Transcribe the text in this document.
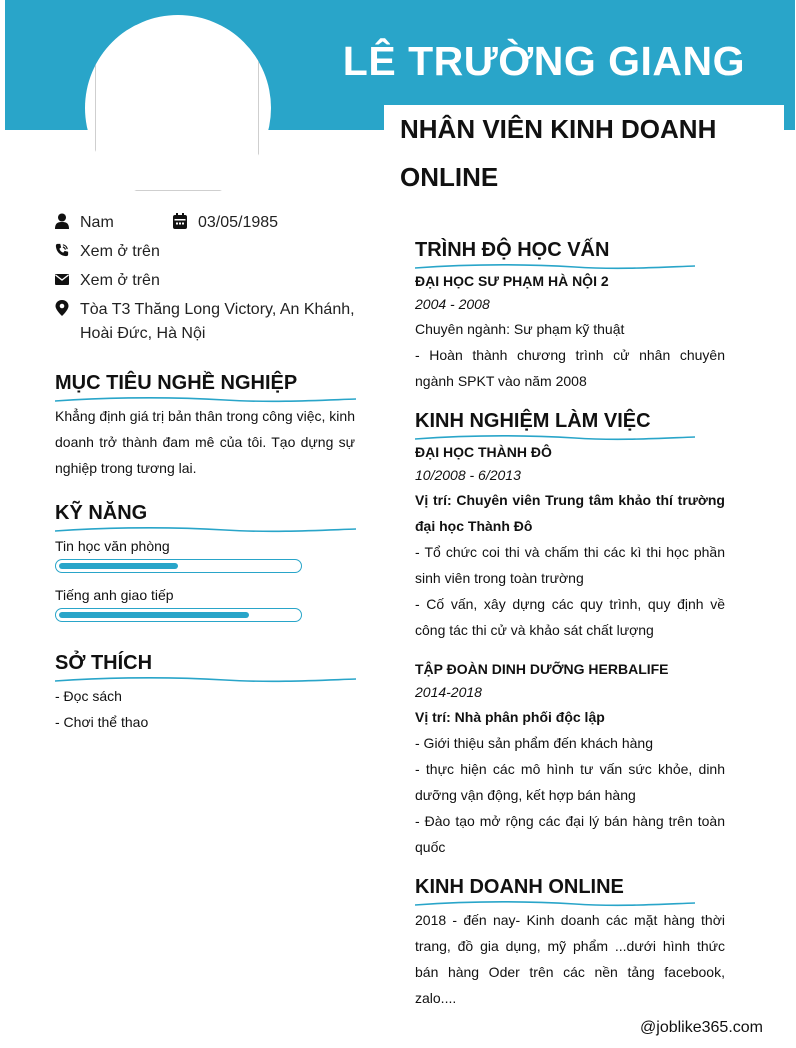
LÊ TRƯỜNG GIANG
NHÂN VIÊN KINH DOANH ONLINE
Nam	03/05/1985
Xem ở trên
Xem ở trên
Tòa T3 Thăng Long Victory, An Khánh, Hoài Đức, Hà Nội
MỤC TIÊU NGHỀ NGHIỆP
Khẳng định giá trị bản thân trong công việc, kinh doanh trở thành đam mê của tôi. Tạo dựng sự nghiệp trong tương lai.
KỸ NĂNG
Tin học văn phòng
Tiếng anh giao tiếp
SỞ THÍCH
- Đọc sách
- Chơi thể thao
TRÌNH ĐỘ HỌC VẤN
ĐẠI HỌC SƯ PHẠM HÀ NỘI 2
2004 - 2008
Chuyên ngành: Sư phạm kỹ thuật
- Hoàn thành chương trình cử nhân chuyên ngành SPKT vào năm 2008
KINH NGHIỆM LÀM VIỆC
ĐẠI HỌC THÀNH ĐÔ
10/2008 - 6/2013
Vị trí: Chuyên viên Trung tâm khảo thí trường đại học Thành Đô
- Tổ chức coi thi và chấm thi các kì thi học phần sinh viên trong toàn trường
- Cố vấn, xây dựng các quy trình, quy định về công tác thi cử và khảo sát chất lượng
TẬP ĐOÀN DINH DƯỠNG HERBALIFE
2014-2018
Vị trí: Nhà phân phối độc lập
- Giới thiệu sản phẩm đến khách hàng
- thực hiện các mô hình tư vấn sức khỏe, dinh dưỡng vận động, kết hợp bán hàng
- Đào tạo mở rộng các đại lý bán hàng trên toàn quốc
KINH DOANH ONLINE
2018 - đến nay- Kinh doanh các mặt hàng thời trang, đồ gia dụng, mỹ phẩm ...dưới hình thức bán hàng Oder trên các nền tảng facebook, zalo....
@joblike365.com
